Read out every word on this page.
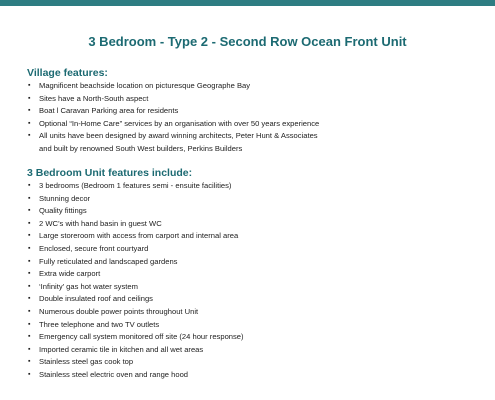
3 Bedroom - Type 2 - Second Row Ocean Front Unit
Village features:
▪ Magnificent beachside location on picturesque Geographe Bay
▪ Sites have a North-South aspect
▪ Boat l Caravan Parking area for residents
▪ Optional “In-Home Care” services by an organisation with over 50 years experience
▪ All units have been designed by award winning architects, Peter Hunt & Associates
and built by renowned South West builders, Perkins Builders
3 Bedroom Unit features include:
▪ 3 bedrooms (Bedroom 1 features semi - ensuite facilities)
▪ Stunning decor
▪ Quality fittings
▪ 2 WC’s with hand basin in guest WC
▪ Large storeroom with access from carport and internal area
▪ Enclosed, secure front courtyard
▪ Fully reticulated and landscaped gardens
▪ Extra wide carport
▪ ‘Infinity’ gas hot water system
▪ Double insulated roof and ceilings
▪ Numerous double power points throughout Unit
▪ Three telephone and two TV outlets
▪ Emergency call system monitored off site (24 hour response)
▪ Imported ceramic tile in kitchen and all wet areas
▪ Stainless steel gas cook top
▪ Stainless steel electric oven and range hood
